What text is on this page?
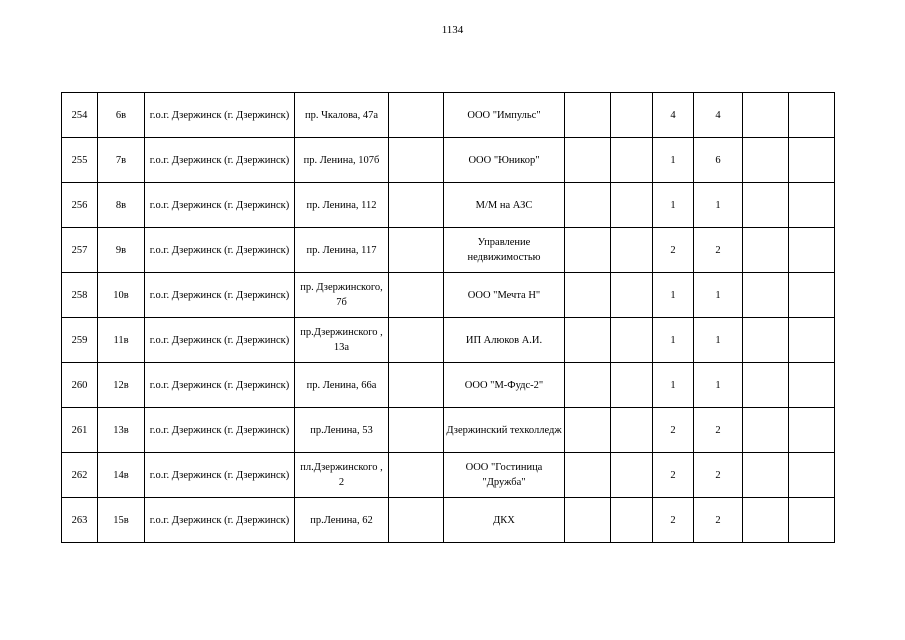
1134
254	6в	г.о.г. Дзержинск (г. Дзержинск)	пр. Чкалова, 47а		ООО "Импульс"			4	4		
255	7в	г.о.г. Дзержинск (г. Дзержинск)	пр. Ленина, 107б		ООО "Юникор"			1	6		
256	8в	г.о.г. Дзержинск (г. Дзержинск)	пр. Ленина, 112		М/М на АЗС			1	1		
257	9в	г.о.г. Дзержинск (г. Дзержинск)	пр. Ленина, 117		Управление недвижимостью			2	2		
258	10в	г.о.г. Дзержинск (г. Дзержинск)	пр. Дзержинского, 7б		ООО "Мечта Н"			1	1		
259	11в	г.о.г. Дзержинск (г. Дзержинск)	пр.Дзержинского , 13а		ИП Алюков А.И.			1	1		
260	12в	г.о.г. Дзержинск (г. Дзержинск)	пр. Ленина, 66а		ООО "М-Фудс-2"			1	1		
261	13в	г.о.г. Дзержинск (г. Дзержинск)	пр.Ленина, 53		Дзержинский техколледж			2	2		
262	14в	г.о.г. Дзержинск (г. Дзержинск)	пл.Дзержинского , 2		ООО "Гостиница "Дружба"			2	2		
263	15в	г.о.г. Дзержинск (г. Дзержинск)	пр.Ленина, 62		ДКХ			2	2		
